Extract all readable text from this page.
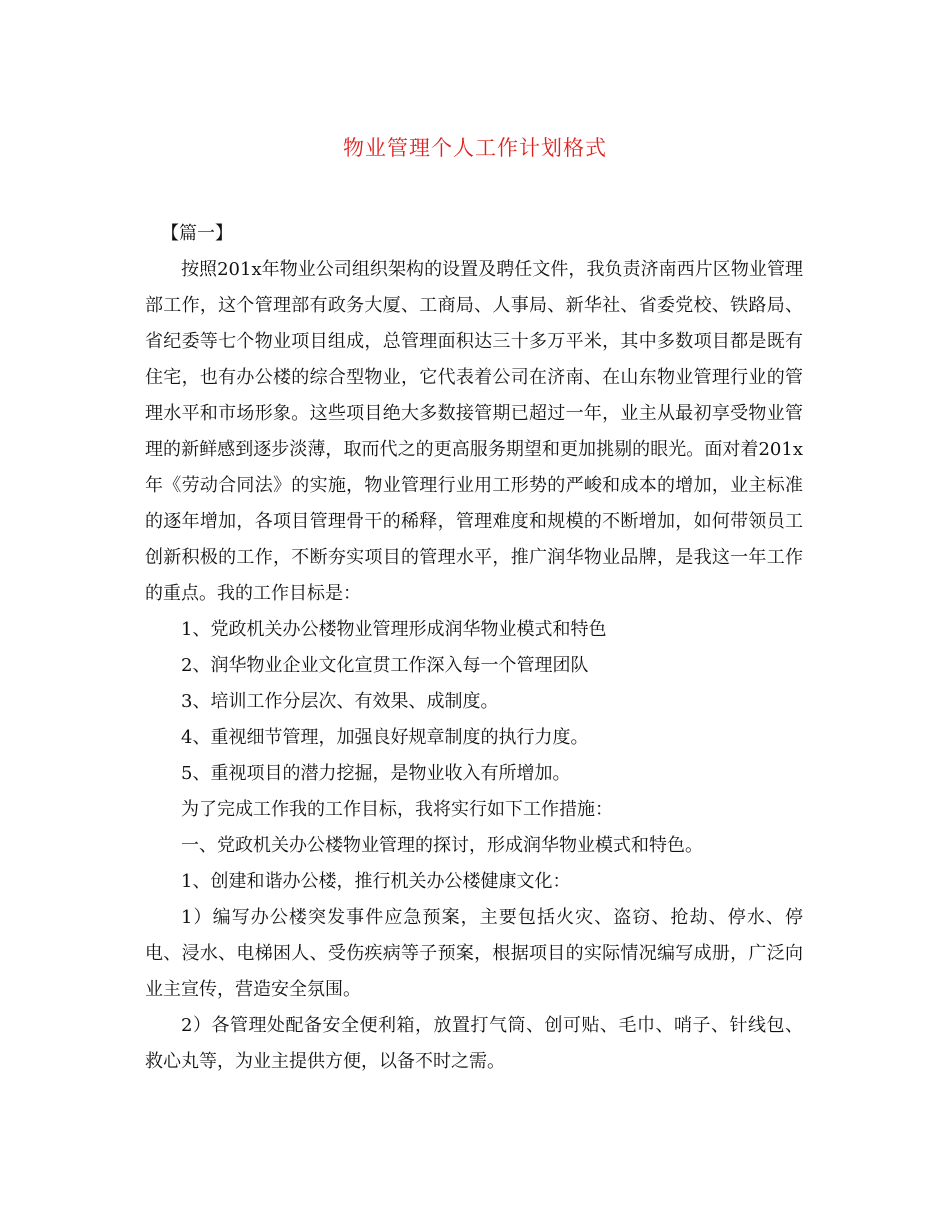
物业管理个人工作计划格式

【篇一】

按照201x年物业公司组织架构的设置及聘任文件，我负责济南西片区物业管理部工作，这个管理部有政务大厦、工商局、人事局、新华社、省委党校、铁路局、省纪委等七个物业项目组成，总管理面积达三十多万平米，其中多数项目都是既有住宅，也有办公楼的综合型物业，它代表着公司在济南、在山东物业管理行业的管理水平和市场形象。这些项目绝大多数接管期已超过一年，业主从最初享受物业管理的新鲜感到逐步淡薄，取而代之的更高服务期望和更加挑剔的眼光。面对着201x年《劳动合同法》的实施，物业管理行业用工形势的严峻和成本的增加，业主标准的逐年增加，各项目管理骨干的稀释，管理难度和规模的不断增加，如何带领员工创新积极的工作，不断夯实项目的管理水平，推广润华物业品牌，是我这一年工作的重点。我的工作目标是：

1、党政机关办公楼物业管理形成润华物业模式和特色

2、润华物业企业文化宣贯工作深入每一个管理团队

3、培训工作分层次、有效果、成制度。

4、重视细节管理，加强良好规章制度的执行力度。

5、重视项目的潜力挖掘，是物业收入有所增加。

为了完成工作我的工作目标，我将实行如下工作措施：

一、党政机关办公楼物业管理的探讨，形成润华物业模式和特色。

1、创建和谐办公楼，推行机关办公楼健康文化：

1）编写办公楼突发事件应急预案，主要包括火灾、盗窃、抢劫、停水、停电、浸水、电梯困人、受伤疾病等子预案，根据项目的实际情况编写成册，广泛向业主宣传，营造安全氛围。

2）各管理处配备安全便利箱，放置打气筒、创可贴、毛巾、哨子、针线包、救心丸等，为业主提供方便，以备不时之需。
